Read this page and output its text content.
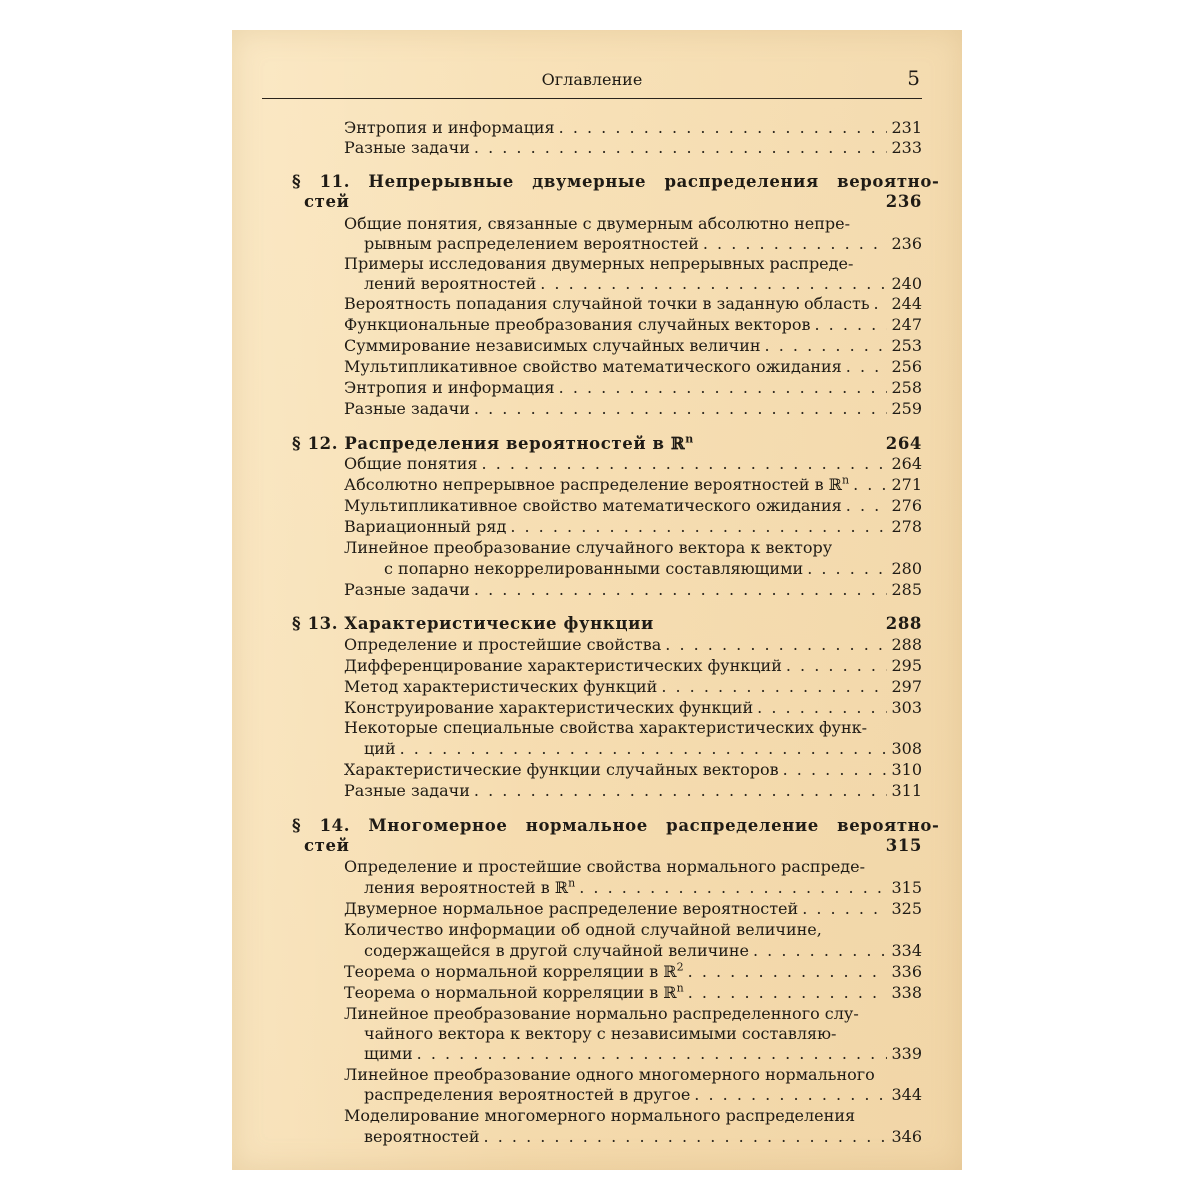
Оглавление	5
Энтропия и информация . . .	231
Разные задачи . . .	233
§ 11. Непрерывные двумерные распределения вероятно-
стей	236
Общие понятия, связанные с двумерным абсолютно непре-
рывным распределением вероятностей . . .	236
Примеры исследования двумерных непрерывных распреде-
лений вероятностей . . .	240
Вероятность попадания случайной точки в заданную область . . . 244
Функциональные преобразования случайных векторов . . .	247
Суммирование независимых случайных величин . . .	253
Мультипликативное свойство математического ожидания . . .	256
Энтропия и информация . . .	258
Разные задачи . . .	259
§ 12. Распределения вероятностей в ℝ$^n$	264
Общие понятия . . .	264
Абсолютно непрерывное распределение вероятностей в ℝ$^n$ . . .	271
Мультипликативное свойство математического ожидания . . .	276
Вариационный ряд . . .	278
Линейное преобразование случайного вектора к вектору
с попарно некоррелированными составляющими . . .	280
Разные задачи . . .	285
§ 13. Характеристические функции	288
Определение и простейшие свойства . . .	288
Дифференцирование характеристических функций . . .	295
Метод характеристических функций . . .	297
Конструирование характеристических функций . . .	303
Некоторые специальные свойства характеристических функ-
ций . . .	308
Характеристические функции случайных векторов . . .	310
Разные задачи . . .	311
§ 14. Многомерное нормальное распределение вероятно-
стей	315
Определение и простейшие свойства нормального распреде-
ления вероятностей в ℝ$^n$ . . .	315
Двумерное нормальное распределение вероятностей . . .	325
Количество информации об одной случайной величине,
содержащейся в другой случайной величине . . .	334
Теорема о нормальной корреляции в ℝ$^2$ . . .	336
Теорема о нормальной корреляции в ℝ$^n$ . . .	338
Линейное преобразование нормально распределенного слу-
чайного вектора к вектору с независимыми составляю-
щими . . .	339
Линейное преобразование одного многомерного нормального
распределения вероятностей в другое . . .	344
Моделирование многомерного нормального распределения
вероятностей . . .	346
